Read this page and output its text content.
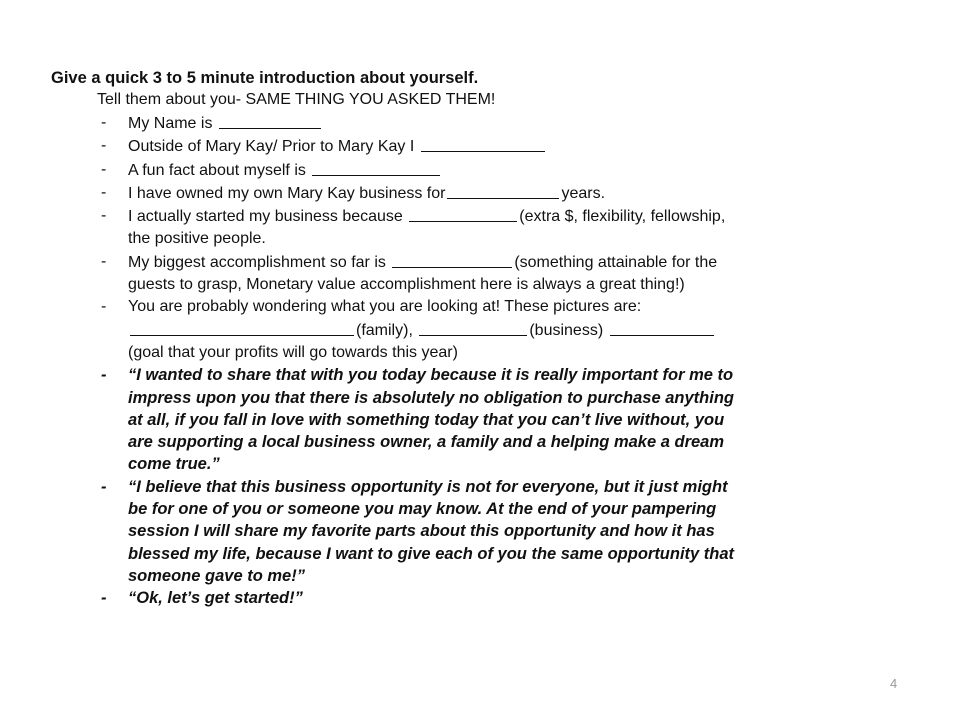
Give a quick 3 to 5 minute introduction about yourself.
Tell them about you- SAME THING YOU ASKED THEM!
- My Name is
- Outside of Mary Kay/ Prior to Mary Kay I
- A fun fact about myself is
- I have owned my own Mary Kay business for	years.
- I actually started my business because	(extra $, flexibility, fellowship, the positive people.
- My biggest accomplishment so far is	(something attainable for the guests to grasp, Monetary value accomplishment here is always a great thing!)
- You are probably wondering what you are looking at! These pictures are:(family),	(business) (goal that your profits will go towards this year)
- “I wanted to share that with you today because it is really important for me to impress upon you that there is absolutely no obligation to purchase anything at all, if you fall in love with something today that you can’t live without, you are supporting a local business owner, a family and a helping make a dream come true.”
- “I believe that this business opportunity is not for everyone, but it just might be for one of you or someone you may know. At the end of your pampering session I will share my favorite parts about this opportunity and how it has blessed my life, because I want to give each of you the same opportunity that someone gave to me!”
- “Ok, let’s get started!”
4
